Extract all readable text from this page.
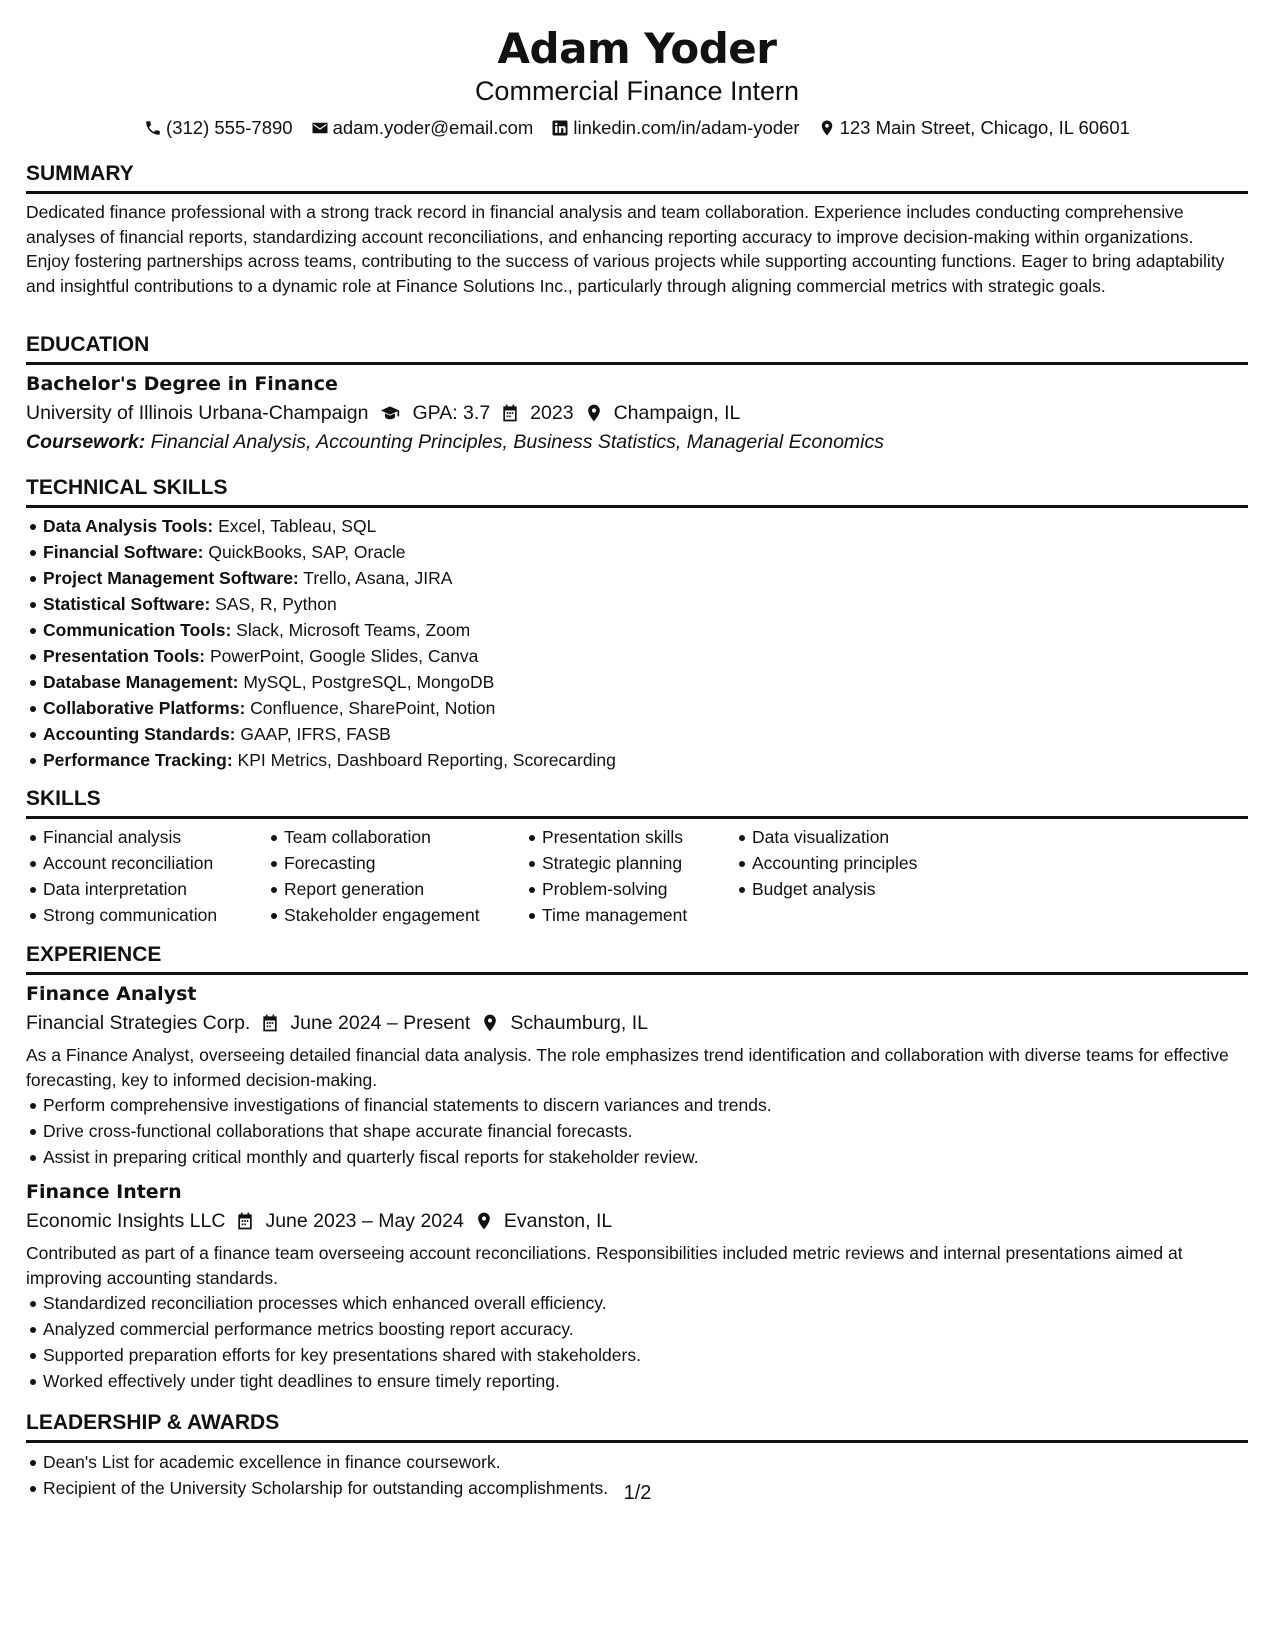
Adam Yoder
Commercial Finance Intern
(312) 555-7890 adam.yoder@email.com linkedin.com/in/adam-yoder 123 Main Street, Chicago, IL 60601
SUMMARY
Dedicated finance professional with a strong track record in financial analysis and team collaboration. Experience includes conducting comprehensive analyses of financial reports, standardizing account reconciliations, and enhancing reporting accuracy to improve decision-making within organizations. Enjoy fostering partnerships across teams, contributing to the success of various projects while supporting accounting functions. Eager to bring adaptability and insightful contributions to a dynamic role at Finance Solutions Inc., particularly through aligning commercial metrics with strategic goals.
EDUCATION
Bachelor's Degree in Finance
University of Illinois Urbana-Champaign GPA: 3.7 2023 Champaign, IL
Coursework: Financial Analysis, Accounting Principles, Business Statistics, Managerial Economics
TECHNICAL SKILLS
Data Analysis Tools: Excel, Tableau, SQL
Financial Software: QuickBooks, SAP, Oracle
Project Management Software: Trello, Asana, JIRA
Statistical Software: SAS, R, Python
Communication Tools: Slack, Microsoft Teams, Zoom
Presentation Tools: PowerPoint, Google Slides, Canva
Database Management: MySQL, PostgreSQL, MongoDB
Collaborative Platforms: Confluence, SharePoint, Notion
Accounting Standards: GAAP, IFRS, FASB
Performance Tracking: KPI Metrics, Dashboard Reporting, Scorecarding
SKILLS
Financial analysis
Account reconciliation
Data interpretation
Strong communication
Team collaboration
Forecasting
Report generation
Stakeholder engagement
Presentation skills
Strategic planning
Problem-solving
Time management
Data visualization
Accounting principles
Budget analysis
EXPERIENCE
Finance Analyst
Financial Strategies Corp. June 2024 – Present Schaumburg, IL
As a Finance Analyst, overseeing detailed financial data analysis. The role emphasizes trend identification and collaboration with diverse teams for effective forecasting, key to informed decision-making.
Perform comprehensive investigations of financial statements to discern variances and trends.
Drive cross-functional collaborations that shape accurate financial forecasts.
Assist in preparing critical monthly and quarterly fiscal reports for stakeholder review.
Finance Intern
Economic Insights LLC June 2023 – May 2024 Evanston, IL
Contributed as part of a finance team overseeing account reconciliations. Responsibilities included metric reviews and internal presentations aimed at improving accounting standards.
Standardized reconciliation processes which enhanced overall efficiency.
Analyzed commercial performance metrics boosting report accuracy.
Supported preparation efforts for key presentations shared with stakeholders.
Worked effectively under tight deadlines to ensure timely reporting.
LEADERSHIP & AWARDS
Dean's List for academic excellence in finance coursework.
Recipient of the University Scholarship for outstanding accomplishments. 1/2
